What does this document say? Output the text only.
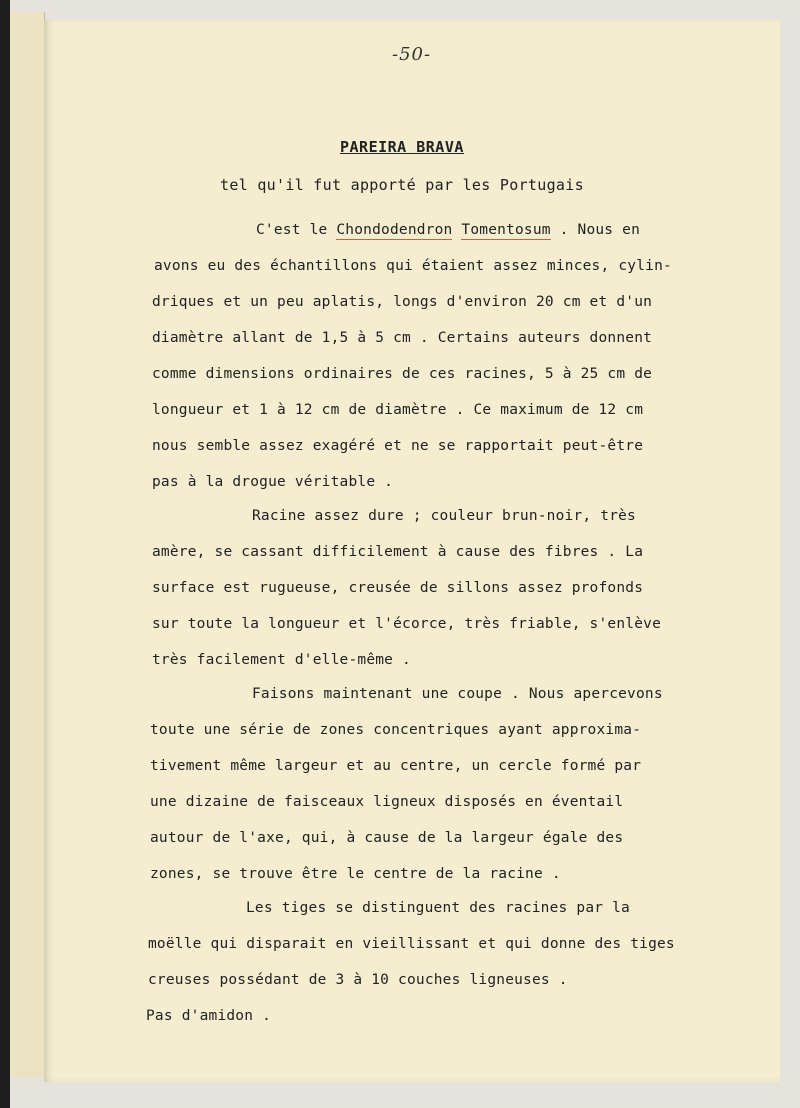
-50-
PAREIRA BRAVA
tel qu'il fut apporté par les Portugais
C'est le Chondodendron Tomentosum . Nous en
avons eu des échantillons qui étaient assez minces, cylin-
driques et un peu aplatis, longs d'environ 20 cm et d'un
diamètre allant de 1,5 à 5 cm . Certains auteurs donnent
comme dimensions ordinaires de ces racines, 5 à 25 cm de
longueur et 1 à 12 cm de diamètre . Ce maximum de 12 cm
nous semble assez exagéré et ne se rapportait peut-être
pas à la drogue véritable .
Racine assez dure ; couleur brun-noir, très
amère, se cassant difficilement à cause des fibres . La
surface est rugueuse, creusée de sillons assez profonds
sur toute la longueur et l'écorce, très friable, s'enlève
très facilement d'elle-même .
Faisons maintenant une coupe . Nous apercevons
toute une série de zones concentriques ayant approxima-
tivement même largeur et au centre, un cercle formé par
une dizaine de faisceaux ligneux disposés en éventail
autour de l'axe, qui, à cause de la largeur égale des
zones, se trouve être le centre de la racine .
Les tiges se distinguent des racines par la
moëlle qui disparait en vieillissant et qui donne des tiges
creuses possédant de 3 à 10 couches ligneuses .
Pas d'amidon .
